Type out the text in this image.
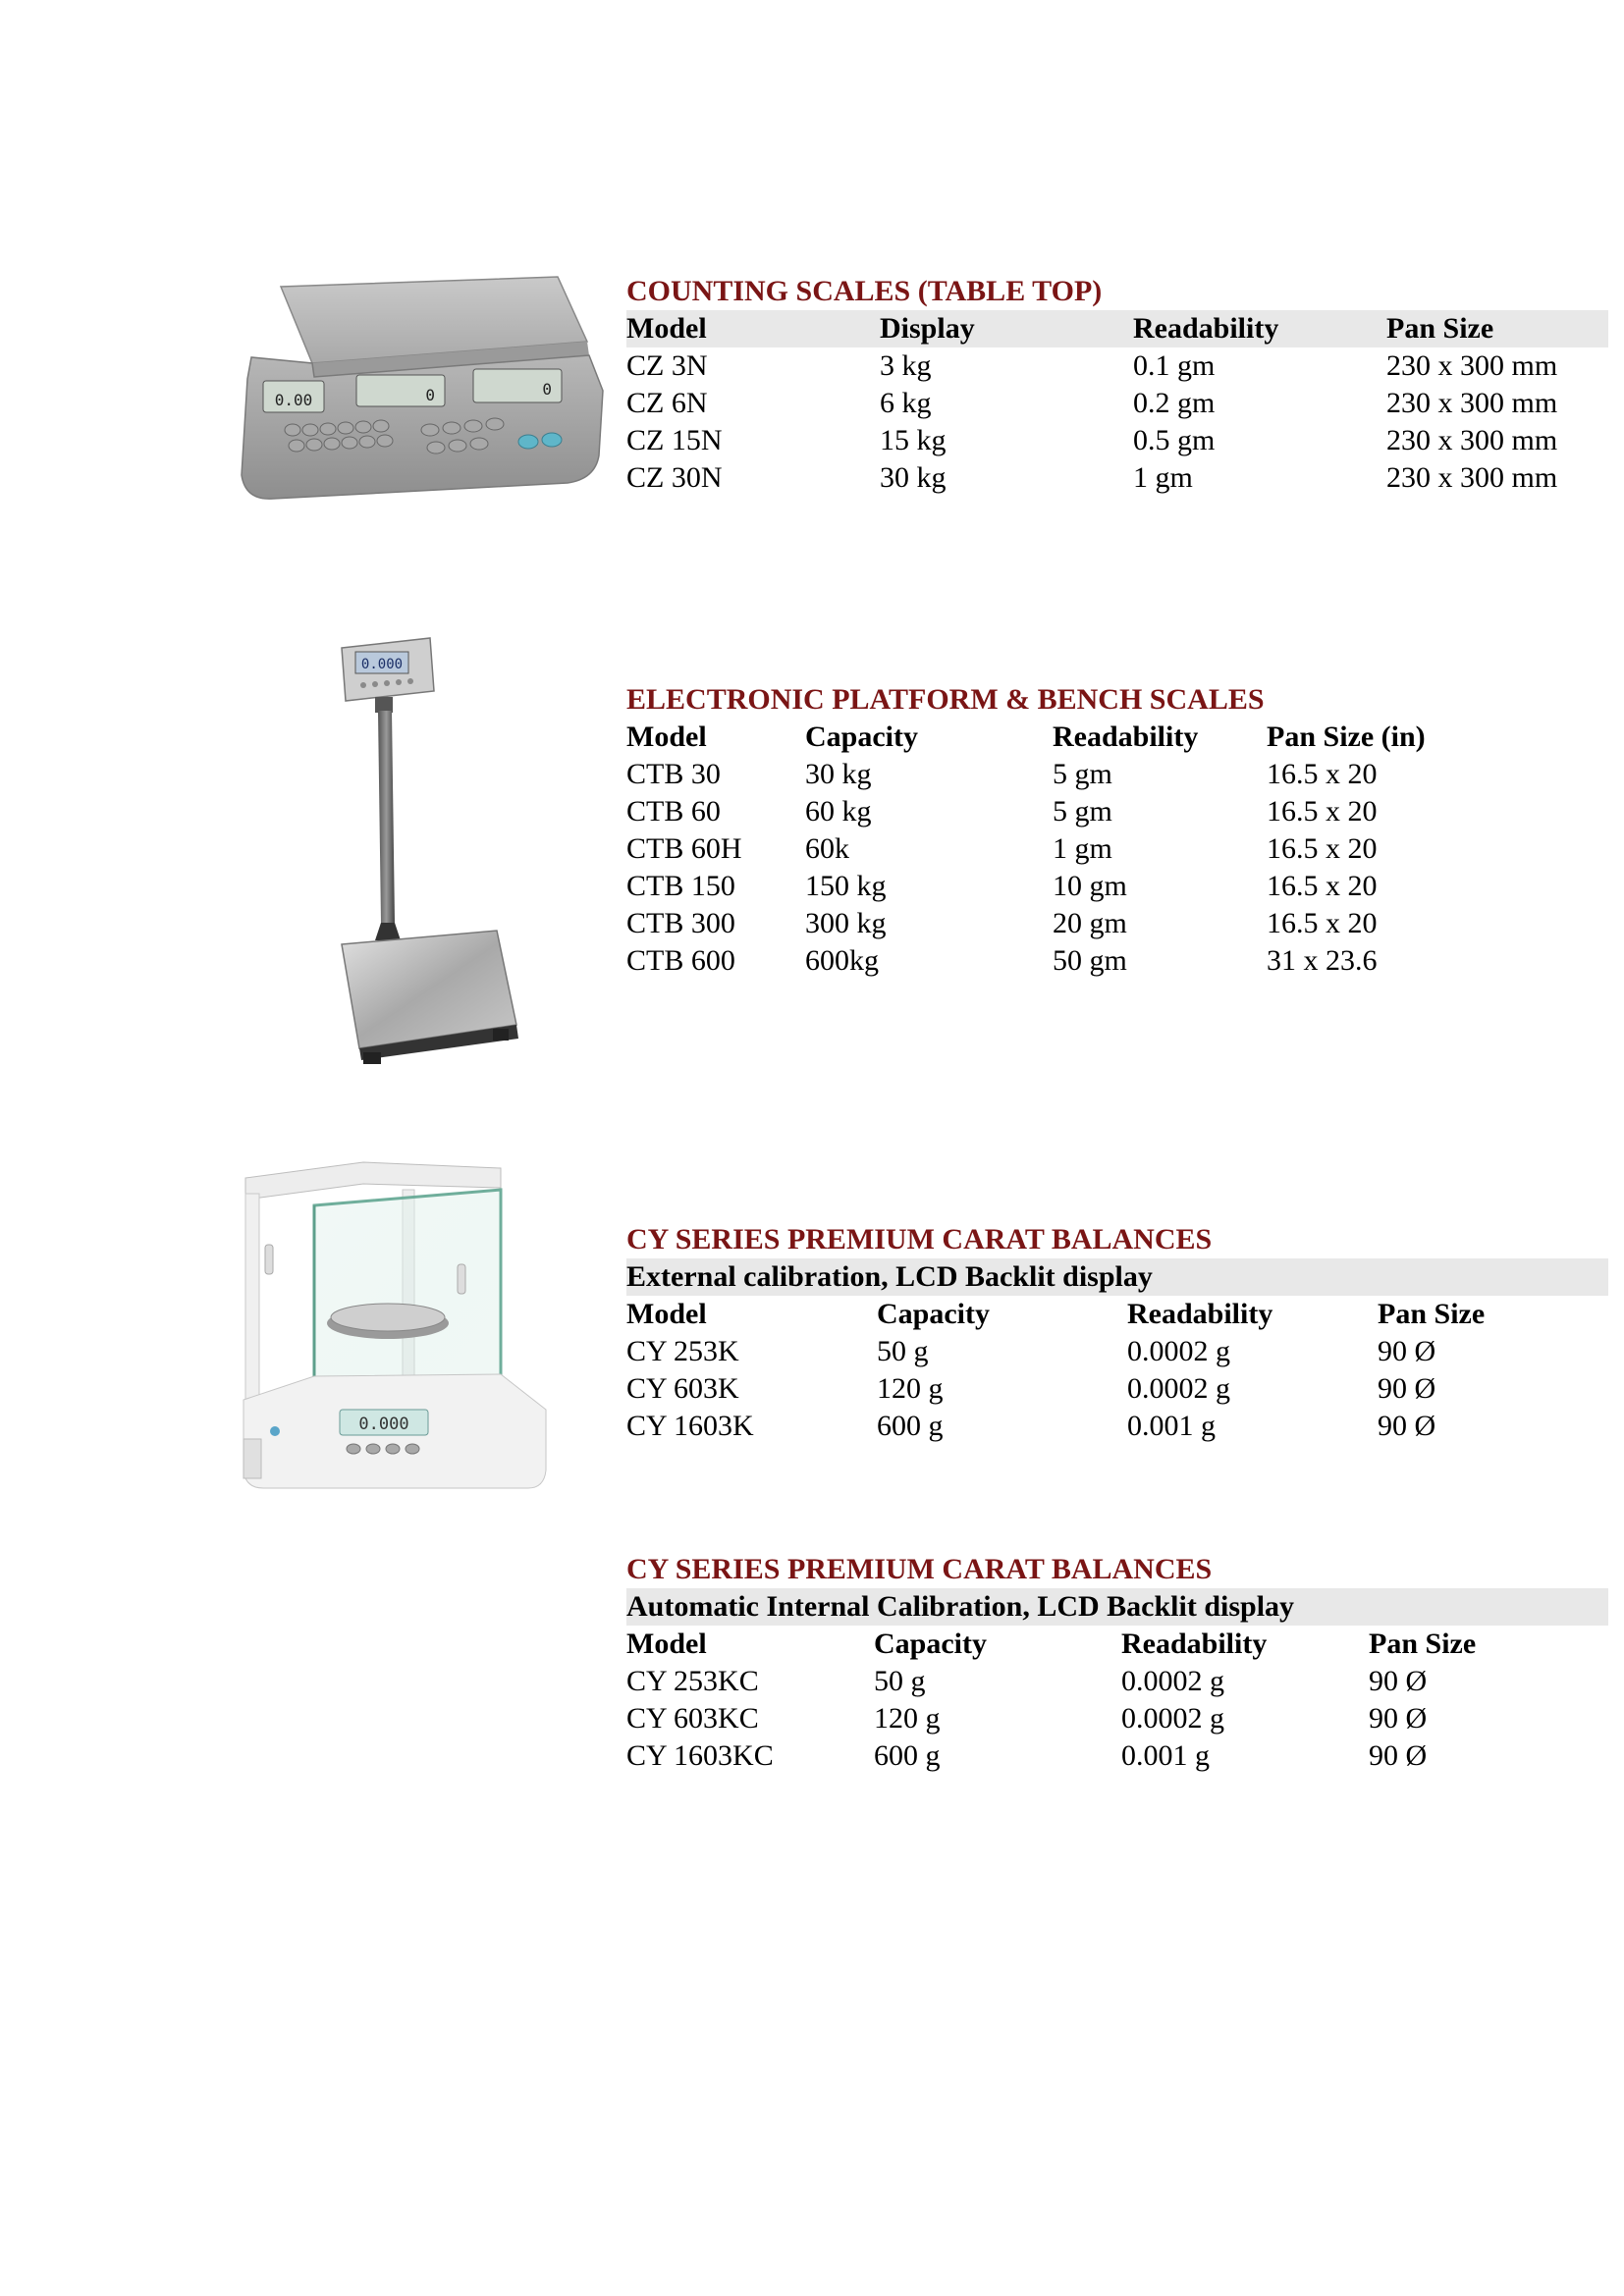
0.00	0	0
COUNTING SCALES (TABLE TOP)
Model	Display	Readability	Pan Size
CZ 3N	3 kg	0.1 gm	230 x 300 mm
CZ 6N	6 kg	0.2 gm	230 x 300 mm
CZ 15N	15 kg	0.5 gm	230 x 300 mm
CZ 30N	30 kg	1 gm	230 x 300 mm
0.000
ELECTRONIC PLATFORM & BENCH SCALES
Model	Capacity	Readability	Pan Size (in)
CTB 30	30 kg	5 gm	16.5 x 20
CTB 60	60 kg	5 gm	16.5 x 20
CTB 60H	60k	1 gm	16.5 x 20
CTB 150	150 kg	10 gm	16.5 x 20
CTB 300	300 kg	20 gm	16.5 x 20
CTB 600	600kg	50 gm	31 x 23.6
0.000
CY SERIES PREMIUM CARAT BALANCES
External calibration, LCD Backlit display
Model	Capacity	Readability	Pan Size
CY 253K	50 g	0.0002 g	90 Ø
CY 603K	120 g	0.0002 g	90 Ø
CY 1603K	600 g	0.001 g	90 Ø
CY SERIES PREMIUM CARAT BALANCES
Automatic Internal Calibration, LCD Backlit display
Model	Capacity	Readability	Pan Size
CY 253KC	50 g	0.0002 g	90 Ø
CY 603KC	120 g	0.0002 g	90 Ø
CY 1603KC	600 g	0.001 g	90 Ø
